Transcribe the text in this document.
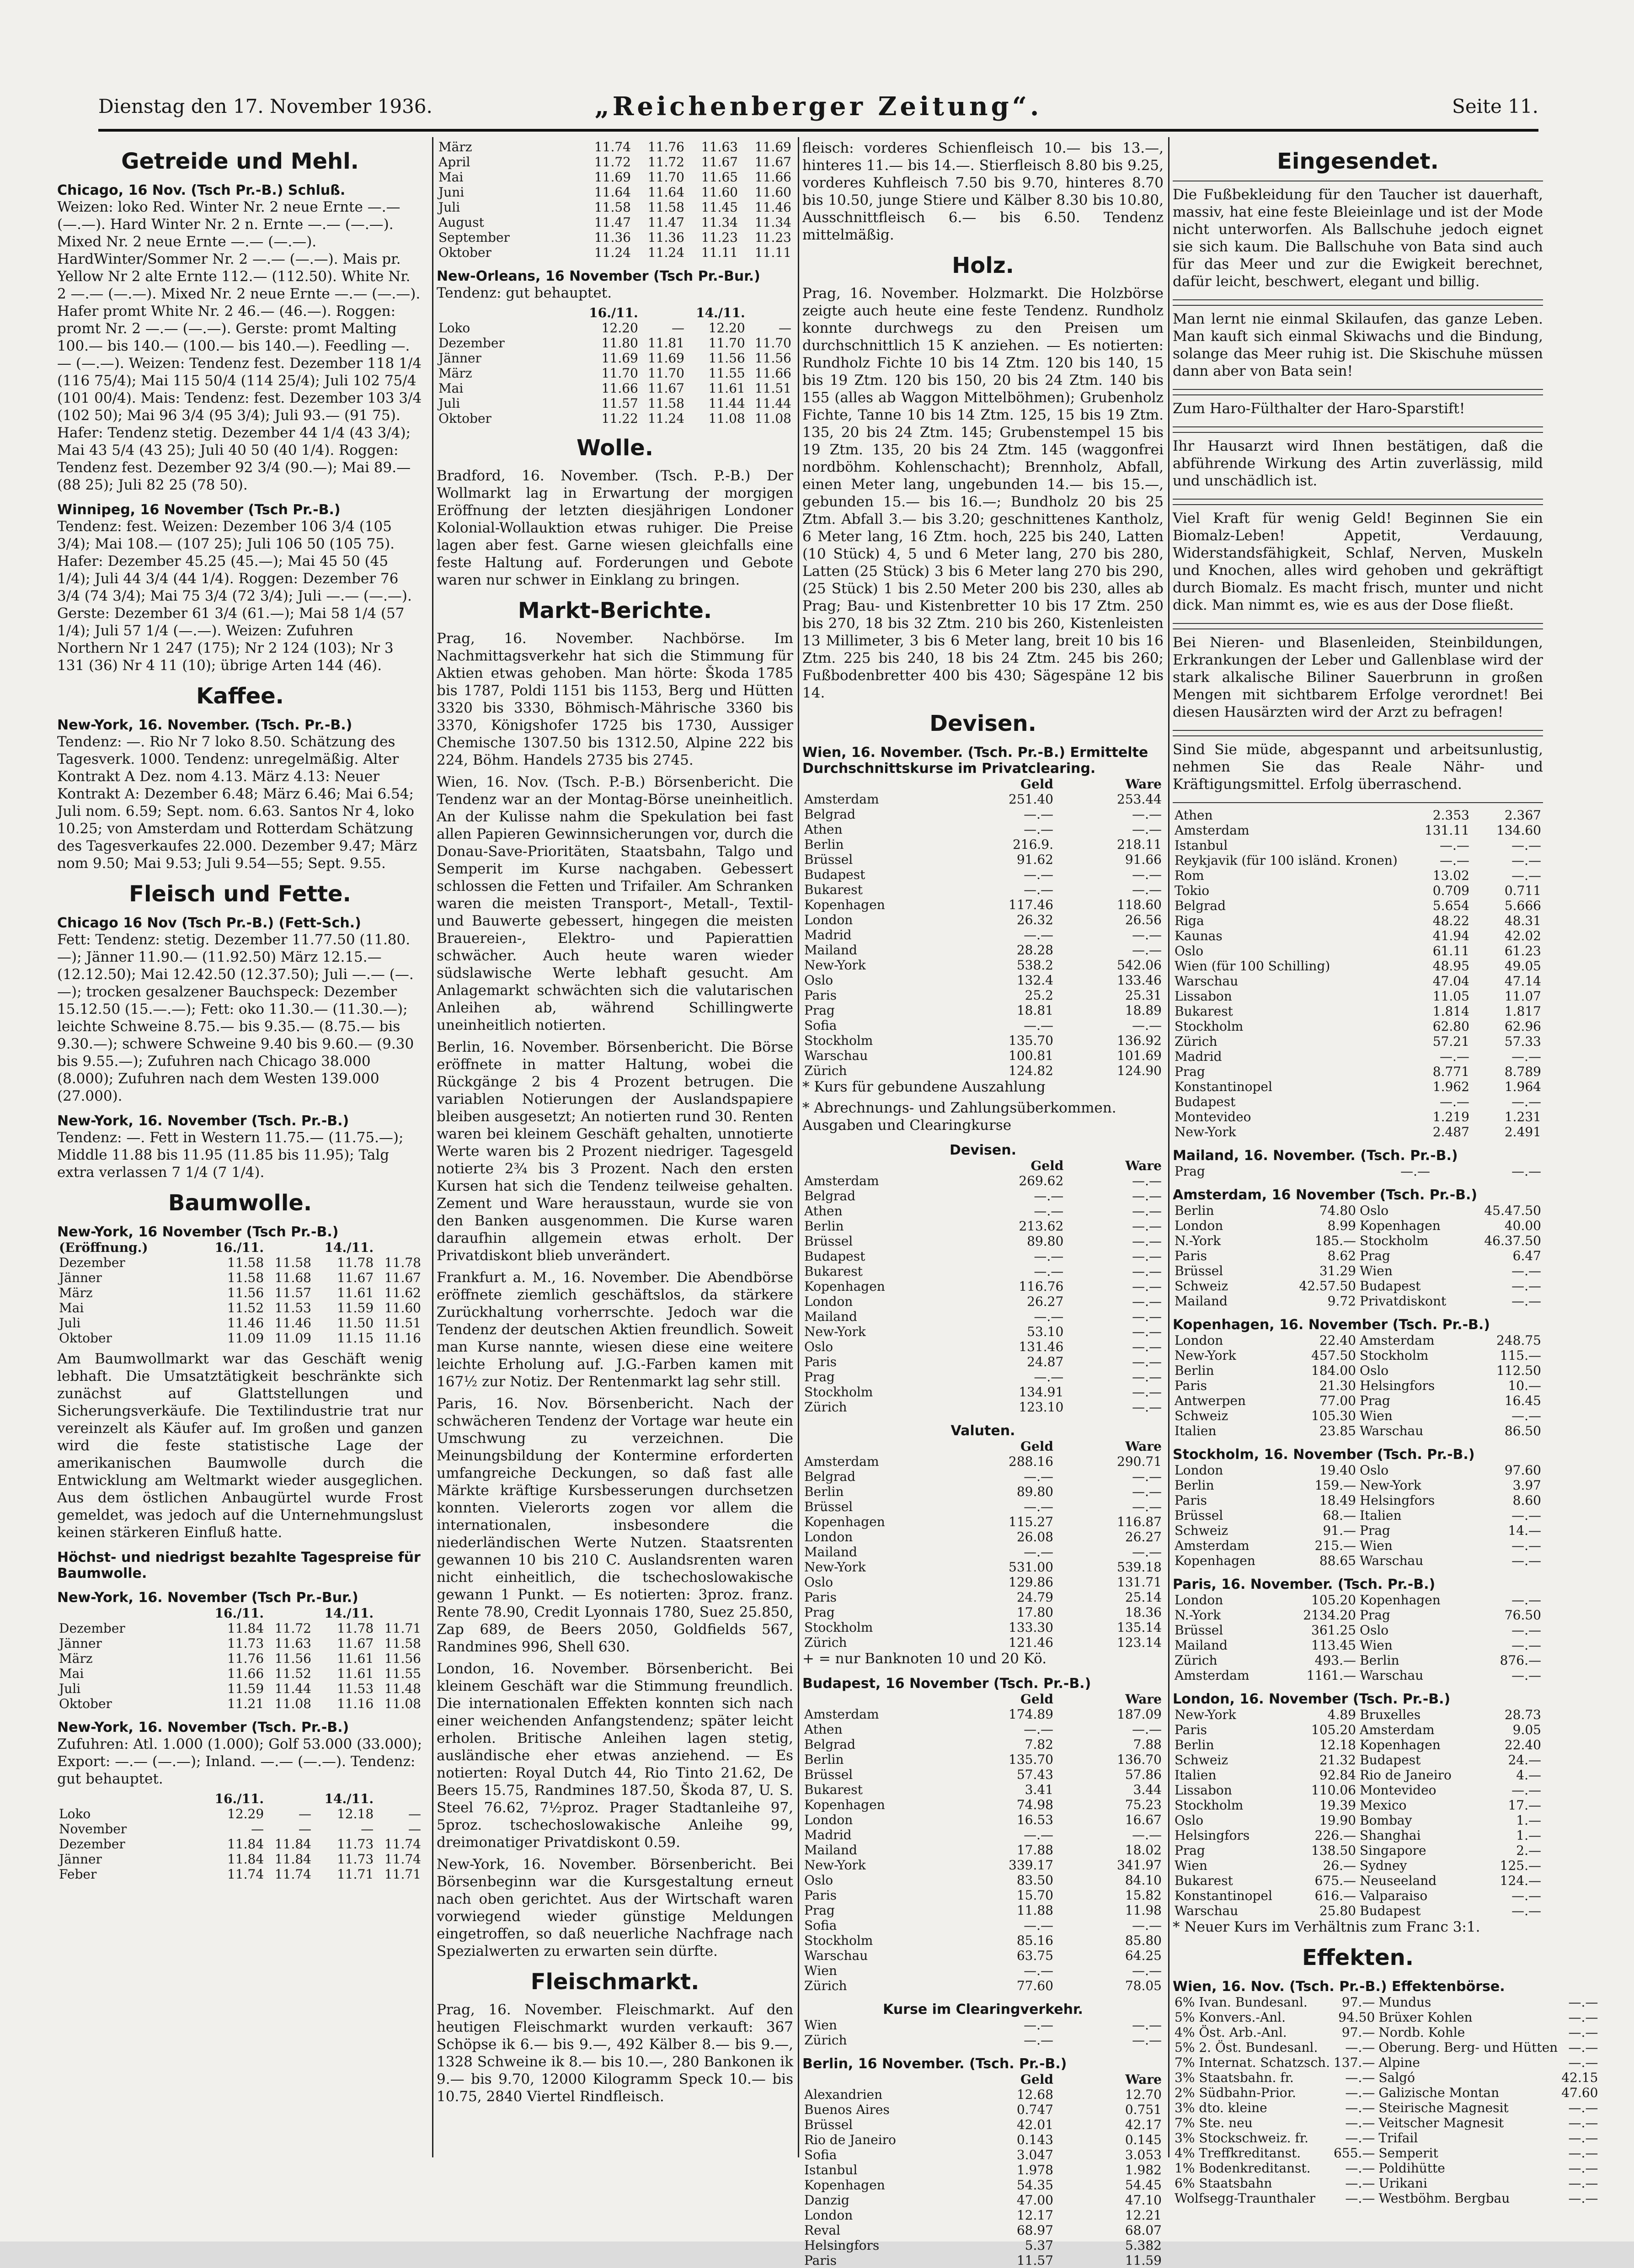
Dienstag den 17. November 1936.	„Reichenberger Zeitung“.	Seite 11.
Getreide und Mehl.
Chicago, 16 Nov. (Tsch Pr.-B.) Schluß.

Weizen: loko Red. Winter Nr. 2 neue Ernte —.— (—.—). Hard Winter Nr. 2 n. Ernte —.— (—.—). Mixed Nr. 2 neue Ernte —.— (—.—). HardWinter/Sommer Nr. 2 —.— (—.—). Mais pr. Yellow Nr 2 alte Ernte 112.— (112.50). White Nr. 2 —.— (—.—). Mixed Nr. 2 neue Ernte —.— (—.—). Hafer promt White Nr. 2 46.— (46.—). Roggen: promt Nr. 2 —.— (—.—). Gerste: promt Malting 100.— bis 140.— (100.— bis 140.—). Feedling —.— (—.—). Weizen: Tendenz fest. Dezember 118 1/4 (116 75/4); Mai 115 50/4 (114 25/4); Juli 102 75/4 (101 00/4). Mais: Tendenz: fest. Dezember 103 3/4 (102 50); Mai 96 3/4 (95 3/4); Juli 93.— (91 75). Hafer: Tendenz stetig. Dezember 44 1/4 (43 3/4); Mai 43 5/4 (43 25); Juli 40 50 (40 1/4). Roggen: Tendenz fest. Dezember 92 3/4 (90.—); Mai 89.— (88 25); Juli 82 25 (78 50).

Winnipeg, 16 November (Tsch Pr.-B.)

Tendenz: fest. Weizen: Dezember 106 3/4 (105 3/4); Mai 108.— (107 25); Juli 106 50 (105 75). Hafer: Dezember 45.25 (45.—); Mai 45 50 (45 1/4); Juli 44 3/4 (44 1/4). Roggen: Dezember 76 3/4 (74 3/4); Mai 75 3/4 (72 3/4); Juli —.— (—.—). Gerste: Dezember 61 3/4 (61.—); Mai 58 1/4 (57 1/4); Juli 57 1/4 (—.—). Weizen: Zufuhren Northern Nr 1 247 (175); Nr 2 124 (103); Nr 3 131 (36) Nr 4 11 (10); übrige Arten 144 (46).

Kaffee.
New-York, 16. November. (Tsch. Pr.-B.)

Tendenz: —. Rio Nr 7 loko 8.50. Schätzung des Tagesverk. 1000. Tendenz: unregelmäßig. Alter Kontrakt A Dez. nom 4.13. März 4.13: Neuer Kontrakt A: Dezember 6.48; März 6.46; Mai 6.54; Juli nom. 6.59; Sept. nom. 6.63. Santos Nr 4, loko 10.25; von Amsterdam und Rotterdam Schätzung des Tagesverkaufes 22.000. Dezember 9.47; März nom 9.50; Mai 9.53; Juli 9.54—55; Sept. 9.55.

Fleisch und Fette.
Chicago 16 Nov (Tsch Pr.-B.) (Fett-Sch.)

Fett: Tendenz: stetig. Dezember 11.77.50 (11.80.—); Jänner 11.90.— (11.92.50) März 12.15.— (12.12.50); Mai 12.42.50 (12.37.50); Juli —.— (—.—); trocken gesalzener Bauchspeck: Dezember 15.12.50 (15.—.—); Fett: oko 11.30.— (11.30.—); leichte Schweine 8.75.— bis 9.35.— (8.75.— bis 9.30.—); schwere Schweine 9.40 bis 9.60.— (9.30 bis 9.55.—); Zufuhren nach Chicago 38.000 (8.000); Zufuhren nach dem Westen 139.000 (27.000).

New-York, 16. November (Tsch. Pr.-B.)

Tendenz: —. Fett in Western 11.75.— (11.75.—); Middle 11.88 bis 11.95 (11.85 bis 11.95); Talg extra verlassen 7 1/4 (7 1/4).

Baumwolle.
New-York, 16 November (Tsch Pr.-B.)
(Eröffnung.)	16./11.		14./11.	
Dezember	11.58	11.58	11.78	11.78
Jänner	11.58	11.68	11.67	11.67
März	11.56	11.57	11.61	11.62
Mai	11.52	11.53	11.59	11.60
Juli	11.46	11.46	11.50	11.51
Oktober	11.09	11.09	11.15	11.16

Am Baumwollmarkt war das Geschäft wenig lebhaft. Die Umsatztätigkeit beschränkte sich zunächst auf Glattstellungen und Sicherungsverkäufe. Die Textilindustrie trat nur vereinzelt als Käufer auf. Im großen und ganzen wird die feste statistische Lage der amerikanischen Baumwolle durch die Entwicklung am Weltmarkt wieder ausgeglichen. Aus dem östlichen Anbaugürtel wurde Frost gemeldet, was jedoch auf die Unternehmungslust keinen stärkeren Einfluß hatte.

Höchst- und niedrigst bezahlte Tagespreise für Baumwolle.
New-York, 16. November (Tsch Pr.-Bur.)
	16./11.		14./11.	
Dezember	11.84	11.72	11.78	11.71
Jänner	11.73	11.63	11.67	11.58
März	11.76	11.56	11.61	11.56
Mai	11.66	11.52	11.61	11.55
Juli	11.59	11.44	11.53	11.48
Oktober	11.21	11.08	11.16	11.08
New-York, 16. November (Tsch. Pr.-B.)

Zufuhren: Atl. 1.000 (1.000); Golf 53.000 (33.000); Export: —.— (—.—); Inland. —.— (—.—). Tendenz: gut behauptet.

	16./11.		14./11.	
Loko	12.29	—	12.18	—
November	—	—	—	—
Dezember	11.84	11.84	11.73	11.74
Jänner	11.84	11.84	11.73	11.74
Feber	11.74	11.74	11.71	11.71
März	11.74	11.76	11.63	11.69
April	11.72	11.72	11.67	11.67
Mai	11.69	11.70	11.65	11.66
Juni	11.64	11.64	11.60	11.60
Juli	11.58	11.58	11.45	11.46
August	11.47	11.47	11.34	11.34
September	11.36	11.36	11.23	11.23
Oktober	11.24	11.24	11.11	11.11
New-Orleans, 16 November (Tsch Pr.-Bur.)

Tendenz: gut behauptet.

	16./11.		14./11.	
Loko	12.20	—	12.20	—
Dezember	11.80	11.81	11.70	11.70
Jänner	11.69	11.69	11.56	11.56
März	11.70	11.70	11.55	11.66
Mai	11.66	11.67	11.61	11.51
Juli	11.57	11.58	11.44	11.44
Oktober	11.22	11.24	11.08	11.08
Wolle.

Bradford, 16. November. (Tsch. P.-B.) Der Wollmarkt lag in Erwartung der morgigen Eröffnung der letzten diesjährigen Londoner Kolonial-Wollauktion etwas ruhiger. Die Preise lagen aber fest. Garne wiesen gleichfalls eine feste Haltung auf. Forderungen und Gebote waren nur schwer in Einklang zu bringen.

Markt-Berichte.

Prag, 16. November. Nachbörse. Im Nachmittagsverkehr hat sich die Stimmung für Aktien etwas gehoben. Man hörte: Škoda 1785 bis 1787, Poldi 1151 bis 1153, Berg und Hütten 3320 bis 3330, Böhmisch-Mährische 3360 bis 3370, Königshofer 1725 bis 1730, Aussiger Chemische 1307.50 bis 1312.50, Alpine 222 bis 224, Böhm. Handels 2735 bis 2745.

Wien, 16. Nov. (Tsch. P.-B.) Börsenbericht. Die Tendenz war an der Montag-Börse uneinheitlich. An der Kulisse nahm die Spekulation bei fast allen Papieren Gewinnsicherungen vor, durch die Donau-Save-Prioritäten, Staatsbahn, Talgo und Semperit im Kurse nachgaben. Gebessert schlossen die Fetten und Trifailer. Am Schranken waren die meisten Transport-, Metall-, Textil- und Bauwerte gebessert, hingegen die meisten Brauereien-, Elektro- und Papierattien schwächer. Auch heute waren wieder südslawische Werte lebhaft gesucht. Am Anlagemarkt schwächten sich die valutarischen Anleihen ab, während Schillingwerte uneinheitlich notierten.

Berlin, 16. November. Börsenbericht. Die Börse eröffnete in matter Haltung, wobei die Rückgänge 2 bis 4 Prozent betrugen. Die variablen Notierungen der Auslandspapiere bleiben ausgesetzt; An notierten rund 30. Renten waren bei kleinem Geschäft gehalten, unnotierte Werte waren bis 2 Prozent niedriger. Tagesgeld notierte 2¾ bis 3 Prozent. Nach den ersten Kursen hat sich die Tendenz teilweise gehalten. Zement und Ware herausstaun, wurde sie von den Banken ausgenommen. Die Kurse waren daraufhin allgemein etwas erholt. Der Privatdiskont blieb unverändert.

Frankfurt a. M., 16. November. Die Abendbörse eröffnete ziemlich geschäftslos, da stärkere Zurückhaltung vorherrschte. Jedoch war die Tendenz der deutschen Aktien freundlich. Soweit man Kurse nannte, wiesen diese eine weitere leichte Erholung auf. J.G.-Farben kamen mit 167½ zur Notiz. Der Rentenmarkt lag sehr still.

Paris, 16. Nov. Börsenbericht. Nach der schwächeren Tendenz der Vortage war heute ein Umschwung zu verzeichnen. Die Meinungsbildung der Kontermine erforderten umfangreiche Deckungen, so daß fast alle Märkte kräftige Kursbesserungen durchsetzen konnten. Vielerorts zogen vor allem die internationalen, insbesondere die niederländischen Werte Nutzen. Staatsrenten gewannen 10 bis 210 C. Auslandsrenten waren nicht einheitlich, die tschechoslowakische gewann 1 Punkt. — Es notierten: 3proz. franz. Rente 78.90, Credit Lyonnais 1780, Suez 25.850, Zap 689, de Beers 2050, Goldfields 567, Randmines 996, Shell 630.

London, 16. November. Börsenbericht. Bei kleinem Geschäft war die Stimmung freundlich. Die internationalen Effekten konnten sich nach einer weichenden Anfangstendenz; später leicht erholen. Britische Anleihen lagen stetig, ausländische eher etwas anziehend. — Es notierten: Royal Dutch 44, Rio Tinto 21.62, De Beers 15.75, Randmines 187.50, Škoda 87, U. S. Steel 76.62, 7½proz. Prager Stadtanleihe 97, 5proz. tschechoslowakische Anleihe 99, dreimonatiger Privatdiskont 0.59.

New-York, 16. November. Börsenbericht. Bei Börsenbeginn war die Kursgestaltung erneut nach oben gerichtet. Aus der Wirtschaft waren vorwiegend wieder günstige Meldungen eingetroffen, so daß neuerliche Nachfrage nach Spezialwerten zu erwarten sein dürfte.

Fleischmarkt.

Prag, 16. November. Fleischmarkt. Auf den heutigen Fleischmarkt wurden verkauft: 367 Schöpse ik 6.— bis 9.—, 492 Kälber 8.— bis 9.—, 1328 Schweine ik 8.— bis 10.—, 280 Bankonen ik 9.— bis 9.70, 12000 Kilogramm Speck 10.— bis 10.75, 2840 Viertel Rindfleisch.

fleisch: vorderes Schienfleisch 10.— bis 13.—, hinteres 11.— bis 14.—. Stierfleisch 8.80 bis 9.25, vorderes Kuhfleisch 7.50 bis 9.70, hinteres 8.70 bis 10.50, junge Stiere und Kälber 8.30 bis 10.80, Ausschnittfleisch 6.— bis 6.50. Tendenz mittelmäßig.

Holz.

Prag, 16. November. Holzmarkt. Die Holzbörse zeigte auch heute eine feste Tendenz. Rundholz konnte durchwegs zu den Preisen um durchschnittlich 15 K anziehen. — Es notierten: Rundholz Fichte 10 bis 14 Ztm. 120 bis 140, 15 bis 19 Ztm. 120 bis 150, 20 bis 24 Ztm. 140 bis 155 (alles ab Waggon Mittelböhmen); Grubenholz Fichte, Tanne 10 bis 14 Ztm. 125, 15 bis 19 Ztm. 135, 20 bis 24 Ztm. 145; Grubenstempel 15 bis 19 Ztm. 135, 20 bis 24 Ztm. 145 (waggonfrei nordböhm. Kohlenschacht); Brennholz, Abfall, einen Meter lang, ungebunden 14.— bis 15.—, gebunden 15.— bis 16.—; Bundholz 20 bis 25 Ztm. Abfall 3.— bis 3.20; geschnittenes Kantholz, 6 Meter lang, 16 Ztm. hoch, 225 bis 240, Latten (10 Stück) 4, 5 und 6 Meter lang, 270 bis 280, Latten (25 Stück) 3 bis 6 Meter lang 270 bis 290, (25 Stück) 1 bis 2.50 Meter 200 bis 230, alles ab Prag; Bau- und Kistenbretter 10 bis 17 Ztm. 250 bis 270, 18 bis 32 Ztm. 210 bis 260, Kistenleisten 13 Millimeter, 3 bis 6 Meter lang, breit 10 bis 16 Ztm. 225 bis 240, 18 bis 24 Ztm. 245 bis 260; Fußbodenbretter 400 bis 430; Sägespäne 12 bis 14.

Devisen.
Wien, 16. November. (Tsch. Pr.-B.) Ermittelte Durchschnittskurse im Privatclearing.
	Geld	Ware
Amsterdam	251.40	253.44
Belgrad	—.—	—.—
Athen	—.—	—.—
Berlin	216.9.	218.11
Brüssel	91.62	91.66
Budapest	—.—	—.—
Bukarest	—.—	—.—
Kopenhagen	117.46	118.60
London	26.32	26.56
Madrid	—.—	—.—
Mailand	28.28	—.—
New-York	538.2	542.06
Oslo	132.4	133.46
Paris	25.2	25.31
Prag	18.81	18.89
Sofia	—.—	—.—
Stockholm	135.70	136.92
Warschau	100.81	101.69
Zürich	124.82	124.90

* Kurs für gebundene Auszahlung

* Abrechnungs- und Zahlungsüberkommen. Ausgaben und Clearingkurse

Devisen.
	Geld	Ware
Amsterdam	269.62	—.—
Belgrad	—.—	—.—
Athen	—.—	—.—
Berlin	213.62	—.—
Brüssel	89.80	—.—
Budapest	—.—	—.—
Bukarest	—.—	—.—
Kopenhagen	116.76	—.—
London	26.27	—.—
Mailand	—.—	—.—
New-York	53.10	—.—
Oslo	131.46	—.—
Paris	24.87	—.—
Prag	—.—	—.—
Stockholm	134.91	—.—
Zürich	123.10	—.—
Valuten.
	Geld	Ware
Amsterdam	288.16	290.71
Belgrad	—.—	—.—
Berlin	89.80	—.—
Brüssel	—.—	—.—
Kopenhagen	115.27	116.87
London	26.08	26.27
Mailand	—.—	—.—
New-York	531.00	539.18
Oslo	129.86	131.71
Paris	24.79	25.14
Prag	17.80	18.36
Stockholm	133.30	135.14
Zürich	121.46	123.14

+ = nur Banknoten 10 und 20 Kö.

Budapest, 16 November (Tsch. Pr.-B.)
	Geld	Ware
Amsterdam	174.89	187.09
Athen	—.—	—.—
Belgrad	7.82	7.88
Berlin	135.70	136.70
Brüssel	57.43	57.86
Bukarest	3.41	3.44
Kopenhagen	74.98	75.23
London	16.53	16.67
Madrid	—.—	—.—
Mailand	17.88	18.02
New-York	339.17	341.97
Oslo	83.50	84.10
Paris	15.70	15.82
Prag	11.88	11.98
Sofia	—.—	—.—
Stockholm	85.16	85.80
Warschau	63.75	64.25
Wien	—.—	—.—
Zürich	77.60	78.05
Kurse im Clearingverkehr.
Wien	—.—	—.—
Zürich	—.—	—.—
Berlin, 16 November. (Tsch. Pr.-B.)
	Geld	Ware
Alexandrien	12.68	12.70
Buenos Aires	0.747	0.751
Brüssel	42.01	42.17
Rio de Janeiro	0.143	0.145
Sofia	3.047	3.053
Istanbul	1.978	1.982
Kopenhagen	54.35	54.45
Danzig	47.00	47.10
London	12.17	12.21
Reval	68.97	68.07
Helsingfors	5.37	5.382
Paris	11.57	11.59
Eingesendet.

Die Fußbekleidung für den Taucher ist dauerhaft, massiv, hat eine feste Bleieinlage und ist der Mode nicht unterworfen. Als Ballschuhe jedoch eignet sie sich kaum. Die Ballschuhe von Bata sind auch für das Meer und zur die Ewigkeit berechnet, dafür leicht, beschwert, elegant und billig.

Man lernt nie einmal Skilaufen, das ganze Leben. Man kauft sich einmal Skiwachs und die Bindung, solange das Meer ruhig ist. Die Skischuhe müssen dann aber von Bata sein!

Zum Haro-Fülthalter der Haro-Sparstift!

Ihr Hausarzt wird Ihnen bestätigen, daß die abführende Wirkung des Artin zuverlässig, mild und unschädlich ist.

Viel Kraft für wenig Geld! Beginnen Sie ein Biomalz-Leben! Appetit, Verdauung, Widerstandsfähigkeit, Schlaf, Nerven, Muskeln und Knochen, alles wird gehoben und gekräftigt durch Biomalz. Es macht frisch, munter und nicht dick. Man nimmt es, wie es aus der Dose fließt.

Bei Nieren- und Blasenleiden, Steinbildungen, Erkrankungen der Leber und Gallenblase wird der stark alkalische Biliner Sauerbrunn in großen Mengen mit sichtbarem Erfolge verordnet! Bei diesen Hausärzten wird der Arzt zu befragen!

Sind Sie müde, abgespannt und arbeitsunlustig, nehmen Sie das Reale Nähr- und Kräftigungsmittel. Erfolg überraschend.

Athen	2.353	2.367
Amsterdam	131.11	134.60
Istanbul	—.—	—.—
Reykjavik (für 100 isländ. Kronen)	—.—	—.—
Rom	13.02	—.—
Tokio	0.709	0.711
Belgrad	5.654	5.666
Riga	48.22	48.31
Kaunas	41.94	42.02
Oslo	61.11	61.23
Wien (für 100 Schilling)	48.95	49.05
Warschau	47.04	47.14
Lissabon	11.05	11.07
Bukarest	1.814	1.817
Stockholm	62.80	62.96
Zürich	57.21	57.33
Madrid	—.—	—.—
Prag	8.771	8.789
Konstantinopel	1.962	1.964
Budapest	—.—	—.—
Montevideo	1.219	1.231
New-York	2.487	2.491
Mailand, 16. November. (Tsch. Pr.-B.)
Prag	—.—	—.—
Amsterdam, 16 November (Tsch. Pr.-B.)
Berlin	74.80	Oslo	45.47.50
London	8.99	Kopenhagen	40.00
N.-York	185.—	Stockholm	46.37.50
Paris	8.62	Prag	6.47
Brüssel	31.29	Wien	—.—
Schweiz	42.57.50	Budapest	—.—
Mailand	9.72	Privatdiskont	—.—
Kopenhagen, 16. November (Tsch. Pr.-B.)
London	22.40	Amsterdam	248.75
New-York	457.50	Stockholm	115.—
Berlin	184.00	Oslo	112.50
Paris	21.30	Helsingfors	10.—
Antwerpen	77.00	Prag	16.45
Schweiz	105.30	Wien	—.—
Italien	23.85	Warschau	86.50
Stockholm, 16. November (Tsch. Pr.-B.)
London	19.40	Oslo	97.60
Berlin	159.—	New-York	3.97
Paris	18.49	Helsingfors	8.60
Brüssel	68.—	Italien	—.—
Schweiz	91.—	Prag	14.—
Amsterdam	215.—	Wien	—.—
Kopenhagen	88.65	Warschau	—.—
Paris, 16. November. (Tsch. Pr.-B.)
London	105.20	Kopenhagen	—.—
N.-York	2134.20	Prag	76.50
Brüssel	361.25	Oslo	—.—
Mailand	113.45	Wien	—.—
Zürich	493.—	Berlin	876.—
Amsterdam	1161.—	Warschau	—.—
London, 16. November (Tsch. Pr.-B.)
New-York	4.89	Bruxelles	28.73
Paris	105.20	Amsterdam	9.05
Berlin	12.18	Kopenhagen	22.40
Schweiz	21.32	Budapest	24.—
Italien	92.84	Rio de Janeiro	4.—
Lissabon	110.06	Montevideo	—.—
Stockholm	19.39	Mexico	17.—
Oslo	19.90	Bombay	1.—
Helsingfors	226.—	Shanghai	1.—
Prag	138.50	Singapore	2.—
Wien	26.—	Sydney	125.—
Bukarest	675.—	Neuseeland	124.—
Konstantinopel	616.—	Valparaiso	—.—
Warschau	25.80	Budapest	—.—

* Neuer Kurs im Verhältnis zum Franc 3:1.

Effekten.
Wien, 16. Nov. (Tsch. Pr.-B.) Effektenbörse.
6% Ivan. Bundesanl.	97.—	Mundus	—.—
5% Konvers.-Anl.	94.50	Brüxer Kohlen	—.—
4% Öst. Arb.-Anl.	97.—	Nordb. Kohle	—.—
5% 2. Öst. Bundesanl.	—.—	Oberung. Berg- und Hütten	—.—
7% Internat. Schatzsch.	137.—	Alpine	—.—
3% Staatsbahn. fr.	—.—	Salgó	42.15
2% Südbahn-Prior.	—.—	Galizische Montan	47.60
3% dto. kleine	—.—	Steirische Magnesit	—.—
7% Ste. neu	—.—	Veitscher Magnesit	—.—
3% Stockschweiz. fr.	—.—	Trifail	—.—
4% Treffkreditanst.	655.—	Semperit	—.—
1% Bodenkreditanst.	—.—	Poldihütte	—.—
6% Staatsbahn	—.—	Urikani	—.—
Wolfsegg-Traunthaler	—.—	Westböhm. Bergbau	—.—
